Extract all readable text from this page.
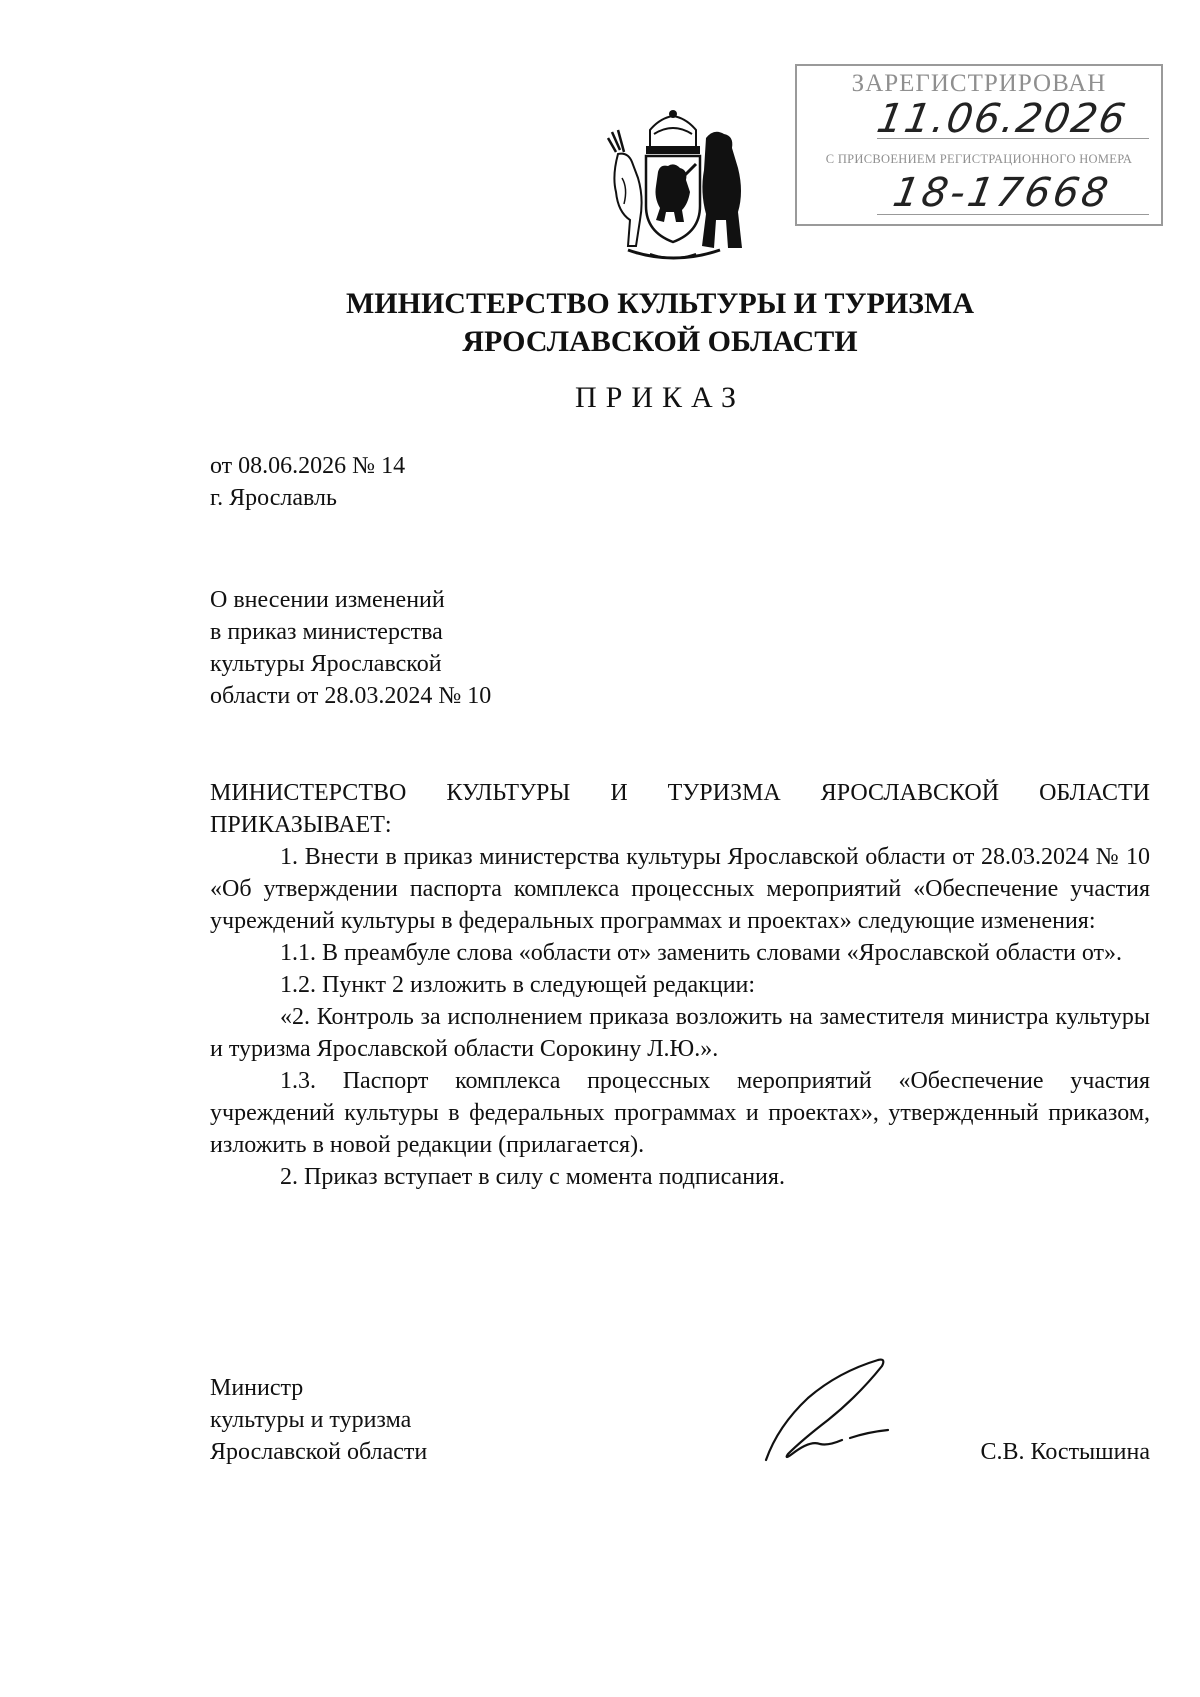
ЗАРЕГИСТРИРОВАН
11.06.2026
С ПРИСВОЕНИЕМ РЕГИСТРАЦИОННОГО НОМЕРА
18-17668
МИНИСТЕРСТВО КУЛЬТУРЫ И ТУРИЗМА
ЯРОСЛАВСКОЙ ОБЛАСТИ
ПРИКАЗ
от 08.06.2026 № 14
г. Ярославль
О внесении изменений
в приказ министерства
культуры Ярославской
области от 28.03.2024 № 10

МИНИСТЕРСТВО КУЛЬТУРЫ И ТУРИЗМА ЯРОСЛАВСКОЙ ОБЛАСТИ ПРИКАЗЫВАЕТ:

1. Внести в приказ министерства культуры Ярославской области от 28.03.2024 № 10 «Об утверждении паспорта комплекса процессных мероприятий «Обеспечение участия учреждений культуры в федеральных программах и проектах» следующие изменения:

1.1. В преамбуле слова «области от» заменить словами «Ярославской области от».

1.2. Пункт 2 изложить в следующей редакции:

«2. Контроль за исполнением приказа возложить на заместителя министра культуры и туризма Ярославской области Сорокину Л.Ю.».

1.3. Паспорт комплекса процессных мероприятий «Обеспечение участия учреждений культуры в федеральных программах и проектах», утвержденный приказом, изложить в новой редакции (прилагается).

2. Приказ вступает в силу с момента подписания.

Министр
культуры и туризма
Ярославской области	С.В. Костышина
